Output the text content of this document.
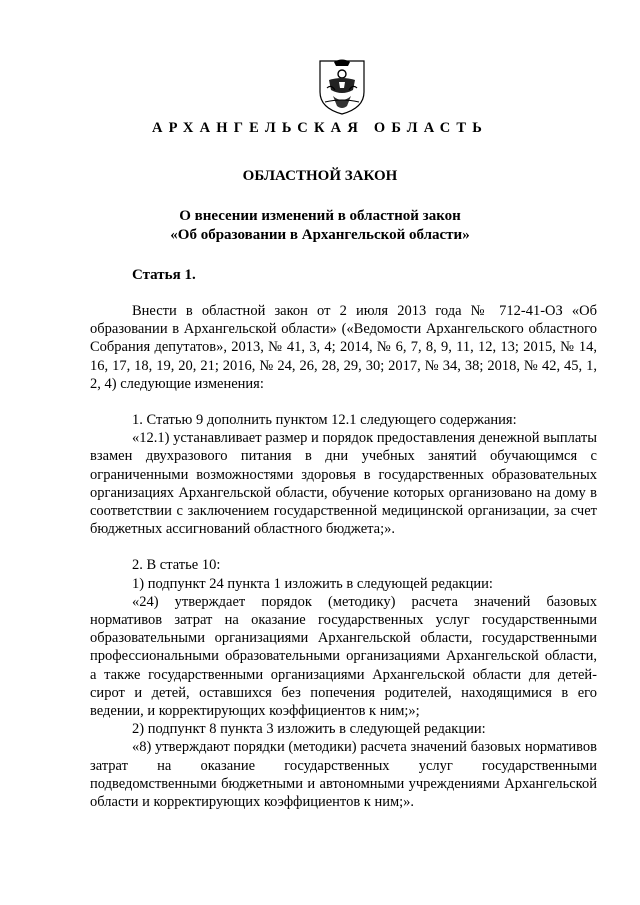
АРХАНГЕЛЬСКАЯ ОБЛАСТЬ
ОБЛАСТНОЙ ЗАКОН
О внесении изменений в областной закон
«Об образовании в Архангельской области»
Статья 1.

Внести в областной закон от 2 июля 2013 года № 712-41-ОЗ «Об образовании в Архангельской области» («Ведомости Архангельского областного Собрания депутатов», 2013, № 41, 3, 4; 2014, № 6, 7, 8, 9, 11, 12, 13; 2015, № 14, 16, 17, 18, 19, 20, 21; 2016, № 24, 26, 28, 29, 30; 2017, № 34, 38; 2018, № 42, 45, 1, 2, 4) следующие изменения:

1. Статью 9 дополнить пунктом 12.1 следующего содержания:

«12.1) устанавливает размер и порядок предоставления денежной выплаты взамен двухразового питания в дни учебных занятий обучающимся с ограниченными возможностями здоровья в государственных образовательных организациях Архангельской области, обучение которых организовано на дому в соответствии с заключением государственной медицинской организации, за счет бюджетных ассигнований областного бюджета;».

2. В статье 10:

1) подпункт 24 пункта 1 изложить в следующей редакции:

«24) утверждает порядок (методику) расчета значений базовых нормативов затрат на оказание государственных услуг государственными образовательными организациями Архангельской области, государственными профессиональными образовательными организациями Архангельской области, а также государственными организациями Архангельской области для детей-сирот и детей, оставшихся без попечения родителей, находящимися в его ведении, и корректирующих коэффициентов к ним;»;

2) подпункт 8 пункта 3 изложить в следующей редакции:

«8) утверждают порядки (методики) расчета значений базовых нормативов затрат на оказание государственных услуг государственными подведомственными бюджетными и автономными учреждениями Архангельской области и корректирующих коэффициентов к ним;».
